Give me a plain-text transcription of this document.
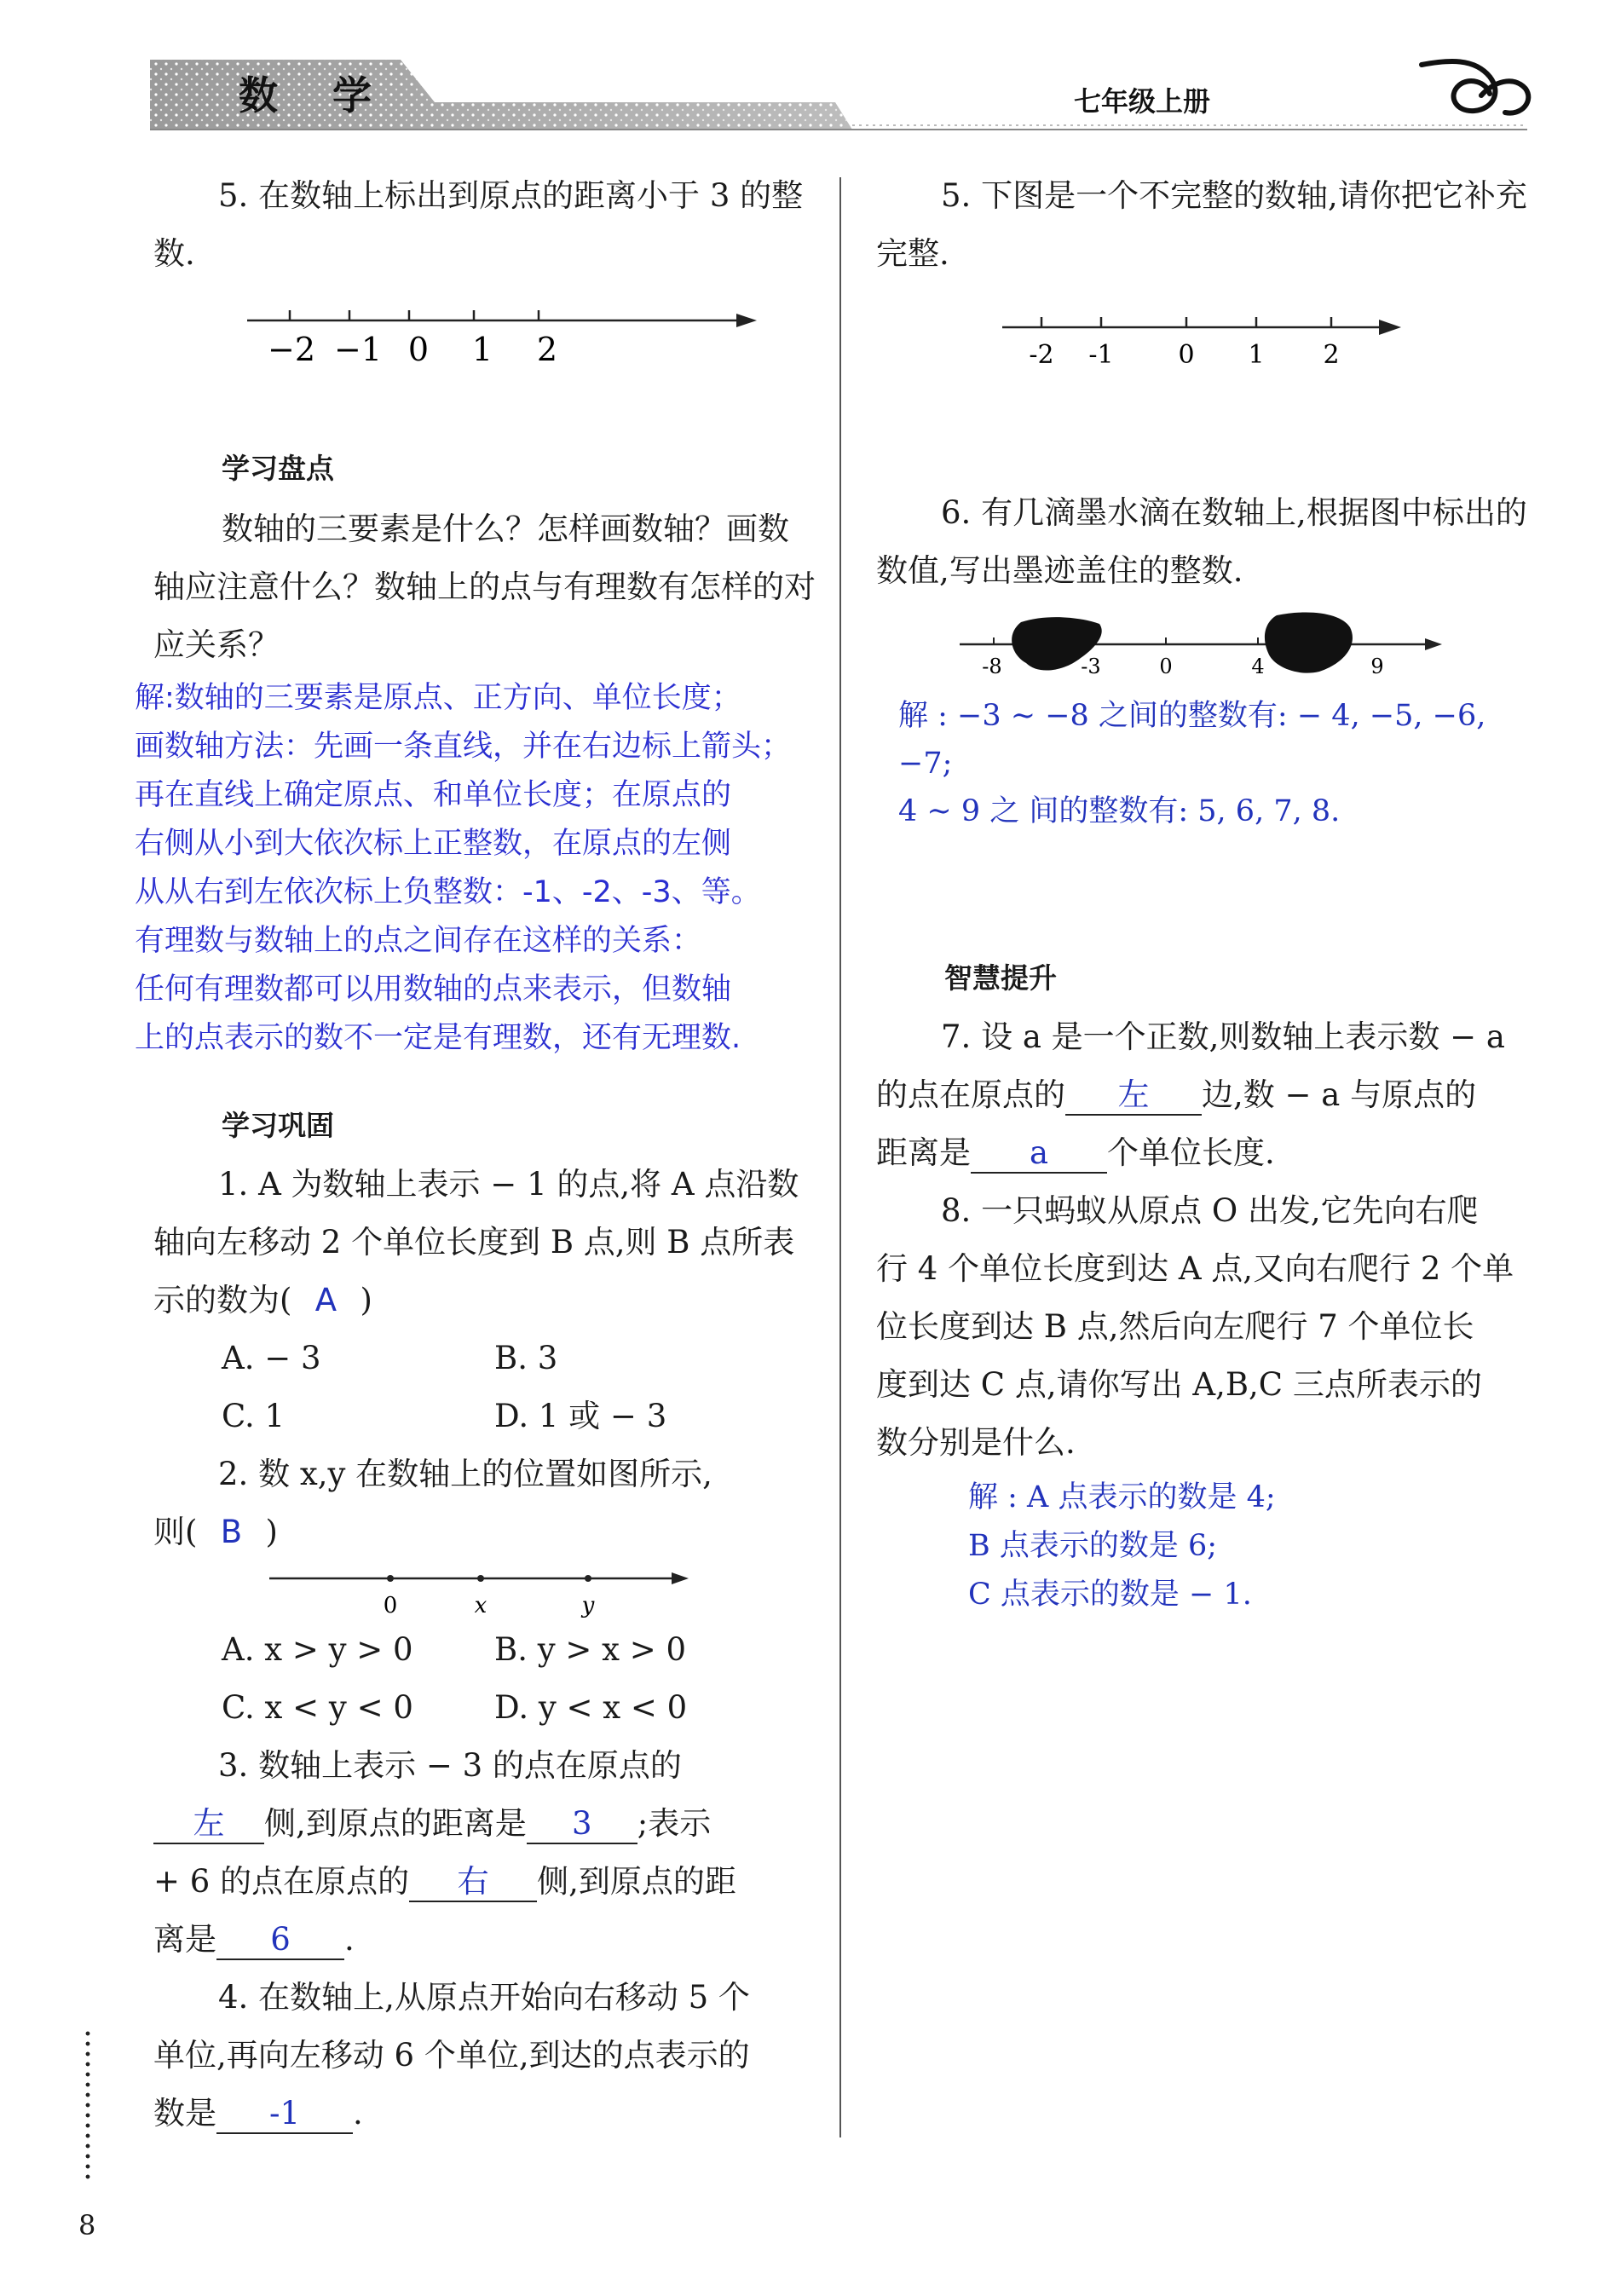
数 学	七年级上册

5. 在数轴上标出到原点的距离小于 3 的整数.

−2 −1 0 1 2
学习盘点

数轴的三要素是什么？怎样画数轴？画数轴应注意什么？数轴上的点与有理数有怎样的对应关系？

解:数轴的三要素是原点、正方向、单位长度；

画数轴方法：先画一条直线，并在右边标上箭头；

再在直线上确定原点、和单位长度；在原点的

右侧从小到大依次标上正整数，在原点的左侧

从从右到左依次标上负整数：-1、-2、-3、等。

有理数与数轴上的点之间存在这样的关系：

任何有理数都可以用数轴的点来表示，但数轴

上的点表示的数不一定是有理数，还有无理数.

学习巩固

1. A 为数轴上表示 − 1 的点,将 A 点沿数

轴向左移动 2 个单位长度到 B 点,则 B 点所表

示的数为( A )

A. − 3	B. 3
C. 1	D. 1 或 − 3

2. 数 x,y 在数轴上的位置如图所示,

则( B )

0	x	y
A. x > y > 0	B. y > x > 0
C. x < y < 0	D. y < x < 0

3. 数轴上表示 − 3 的点在原点的

左 侧,到原点的距离是 3 ;表示

+ 6 的点在原点的 右 侧,到原点的距

离是 6 .

4. 在数轴上,从原点开始向右移动 5 个

单位,再向左移动 6 个单位,到达的点表示的

数是 -1 .

5. 下图是一个不完整的数轴,请你把它补充完整.

-2 -1	0 1 2

6. 有几滴墨水滴在数轴上,根据图中标出的数值,写出墨迹盖住的整数.

-8	-3	0	4	9

解 : −3 ∼ −8 之间的整数有: − 4, −5, −6, −7;

4 ∼ 9 之 间的整数有: 5, 6, 7, 8.

智慧提升

7. 设 a 是一个正数,则数轴上表示数 − a

的点在原点的 左 边,数 − a 与原点的

距离是 a 个单位长度.

8. 一只蚂蚁从原点 O 出发,它先向右爬

行 4 个单位长度到达 A 点,又向右爬行 2 个单

位长度到达 B 点,然后向左爬行 7 个单位长

度到达 C 点,请你写出 A,B,C 三点所表示的

数分别是什么.

解 : A 点表示的数是 4;

B 点表示的数是 6;

C 点表示的数是 − 1.

8
